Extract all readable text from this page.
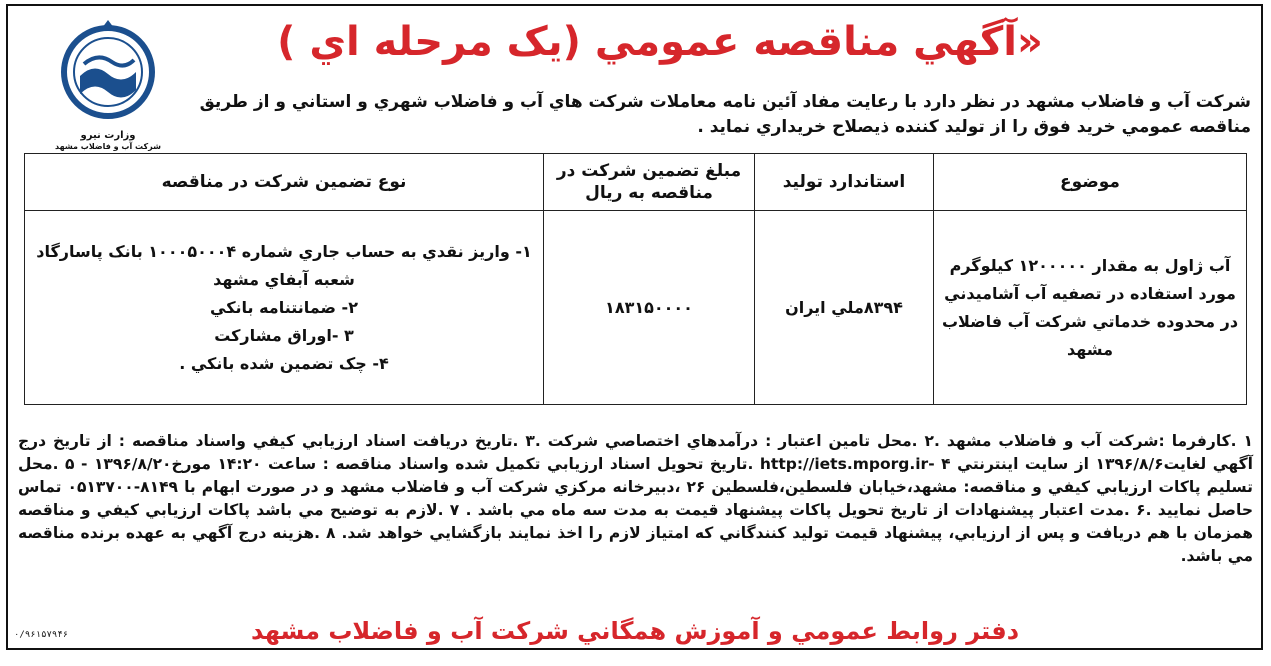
«آگهي مناقصه عمومي (يک مرحله اي )
وزارت نیرو
شرکت آب و فاضلاب مشهد
شرکت آب و فاضلاب مشهد در نظر دارد با رعايت مفاد آئين نامه معاملات شرکت هاي آب و فاضلاب شهري و استاني و از طريق مناقصه عمومي خريد فوق را از توليد کننده ذيصلاح خريداري نمايد .
موضوع	استاندارد توليد	مبلغ تضمين شرکت در مناقصه به ريال	نوع تضمين شرکت در مناقصه
آب ژاول به مقدار ۱۲۰۰۰۰۰ کيلوگرم مورد استفاده در تصفيه آب آشاميدني در محدوده خدماتي شرکت آب فاضلاب مشهد	۸۳۹۴ملي ايران	۱۸۳۱۵۰۰۰۰	۱- واريز نقدي به حساب جاري شماره ۱۰۰۰۵۰۰۰۴ بانک پاسارگاد شعبه آبفاي مشهد
۲- ضمانتنامه بانکي
۳ -اوراق مشارکت
۴- چک تضمين شده بانکي .
۱ .کارفرما :شرکت آب و فاضلاب مشهد .۲ .محل تامين اعتبار : درآمدهاي اختصاصي شرکت .۳ .تاريخ دريافت اسناد ارزيابي کيفي واسناد مناقصه : از تاريخ درج آگهي لغايت۱۳۹۶/۸/۶ از سايت اينترنتي http://iets.mporg.ir- ۴ .تاريخ تحويل اسناد ارزيابي تکميل شده واسناد مناقصه : ساعت ۱۴:۲۰ مورخ۱۳۹۶/۸/۲۰ - ۵ .محل تسليم پاکات ارزيابي کيفي و مناقصه: مشهد،خيابان فلسطين،فلسطين ۲۶ ،دبيرخانه مرکزي شرکت آب و فاضلاب مشهد و در صورت ابهام با ۸۱۴۹-۰۵۱۳۷۰۰ تماس حاصل نماييد .۶ .مدت اعتبار پيشنهادات از تاريخ تحويل پاکات پيشنهاد قيمت به مدت سه ماه مي باشد . ۷ .لازم به توضيح مي باشد پاکات ارزيابي کيفي و مناقصه همزمان با هم دريافت و پس از ارزيابي، پيشنهاد قيمت توليد کنندگاني که امتياز لازم را اخذ نمايند بازگشايي خواهد شد. ۸ .هزينه درج آگهي به عهده برنده مناقصه مي باشد.
دفتر روابط عمومي و آموزش همگاني شرکت آب و فاضلاب مشهد
۰/۹۶۱۵۷۹۴۶
